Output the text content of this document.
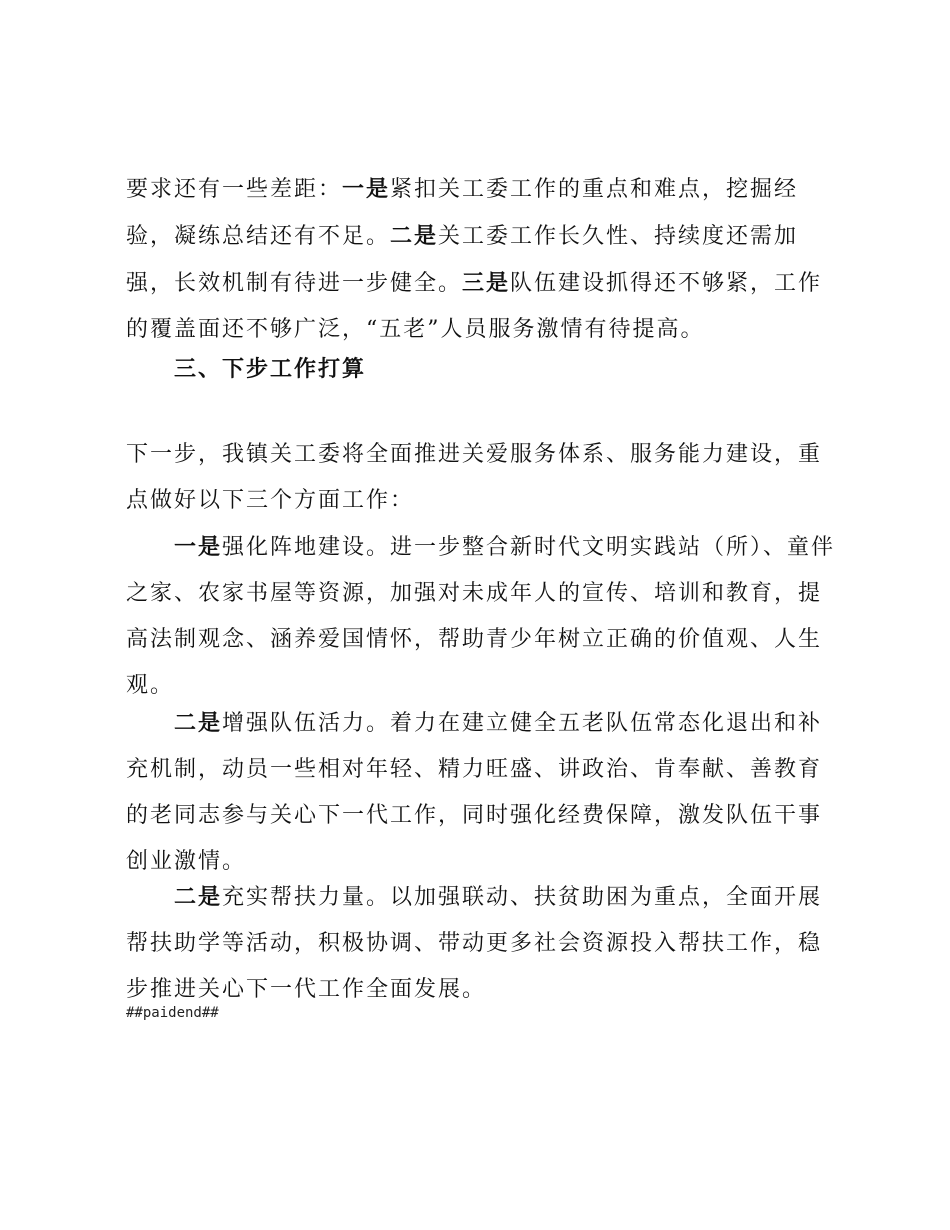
要求还有一些差距：一是紧扣关工委工作的重点和难点，挖掘经验，凝练总结还有不足。二是关工委工作长久性、持续度还需加强，长效机制有待进一步健全。三是队伍建设抓得还不够紧，工作的覆盖面还不够广泛，“五老”人员服务激情有待提高。

三、下步工作打算

下一步，我镇关工委将全面推进关爱服务体系、服务能力建设，重点做好以下三个方面工作：

一是强化阵地建设。进一步整合新时代文明实践站（所）、童伴之家、农家书屋等资源，加强对未成年人的宣传、培训和教育，提高法制观念、涵养爱国情怀，帮助青少年树立正确的价值观、人生观。

二是增强队伍活力。着力在建立健全五老队伍常态化退出和补充机制，动员一些相对年轻、精力旺盛、讲政治、肯奉献、善教育的老同志参与关心下一代工作，同时强化经费保障，激发队伍干事创业激情。

二是充实帮扶力量。以加强联动、扶贫助困为重点，全面开展帮扶助学等活动，积极协调、带动更多社会资源投入帮扶工作，稳步推进关心下一代工作全面发展。

##paidend##
